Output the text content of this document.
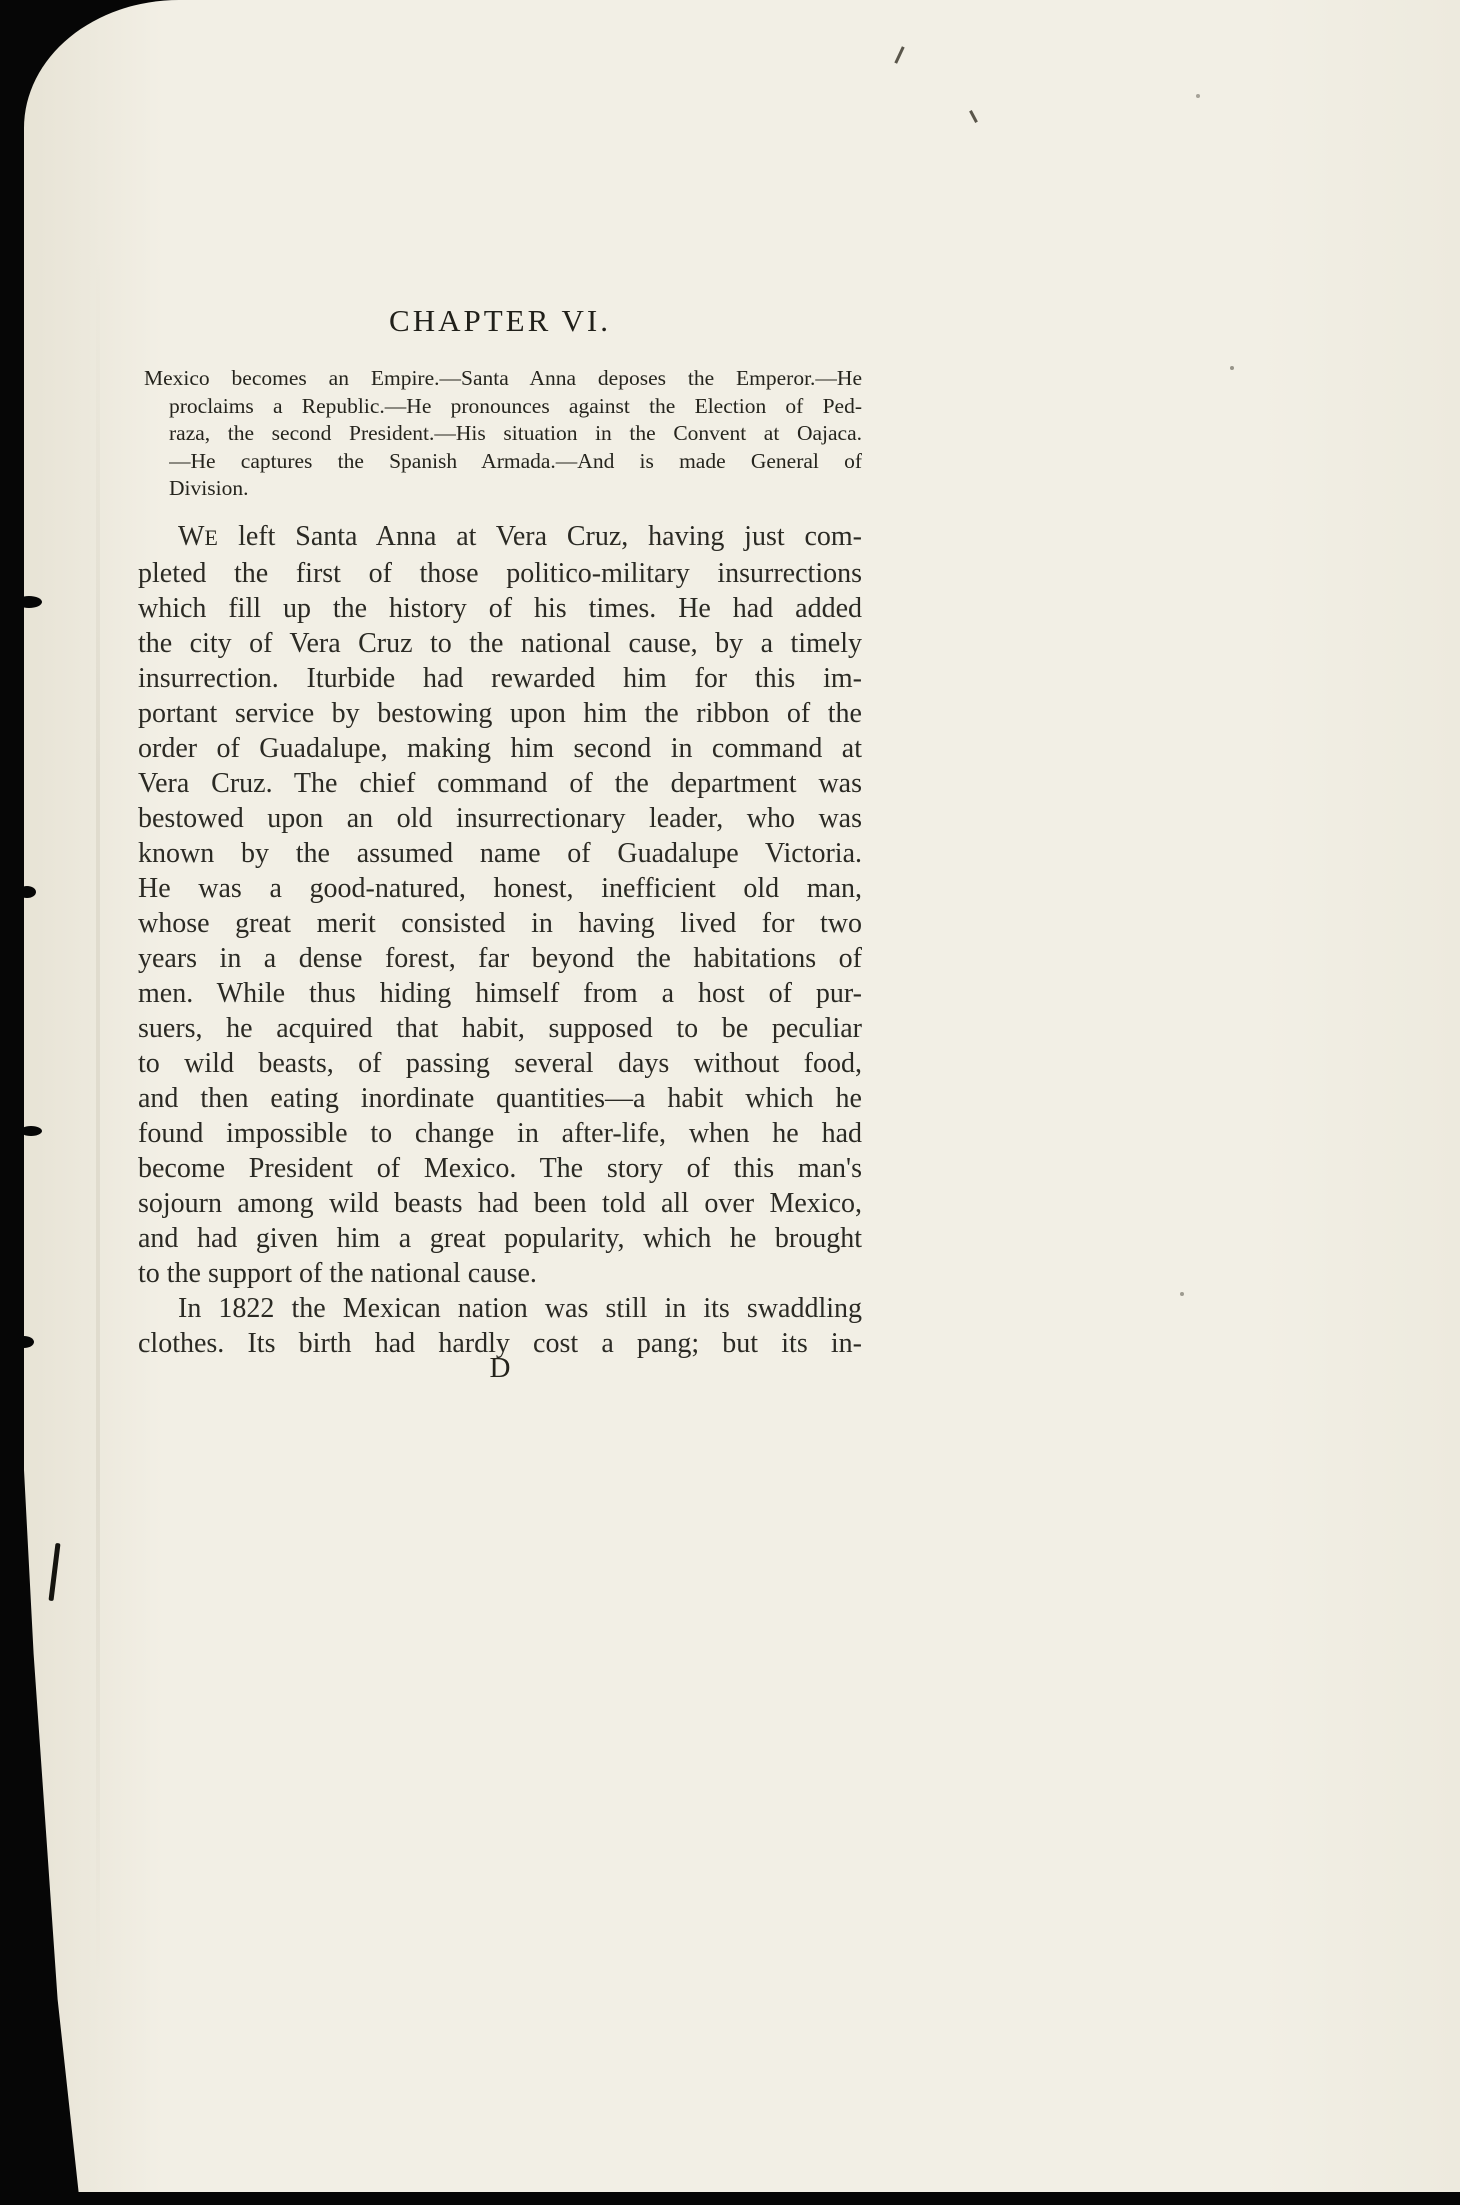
CHAPTER VI.
Mexico becomes an Empire.—Santa Anna deposes the Emperor.—He
proclaims a Republic.—He pronounces against the Election of Ped-
raza, the second President.—His situation in the Convent at Oajaca.
—He captures the Spanish Armada.—And is made General of
Division.
WE left Santa Anna at Vera Cruz, having just com-
pleted the first of those politico-military insurrections
which fill up the history of his times. He had added
the city of Vera Cruz to the national cause, by a timely
insurrection. Iturbide had rewarded him for this im-
portant service by bestowing upon him the ribbon of the
order of Guadalupe, making him second in command at
Vera Cruz. The chief command of the department was
bestowed upon an old insurrectionary leader, who was
known by the assumed name of Guadalupe Victoria.
He was a good-natured, honest, inefficient old man,
whose great merit consisted in having lived for two
years in a dense forest, far beyond the habitations of
men. While thus hiding himself from a host of pur-
suers, he acquired that habit, supposed to be peculiar
to wild beasts, of passing several days without food,
and then eating inordinate quantities—a habit which he
found impossible to change in after-life, when he had
become President of Mexico. The story of this man's
sojourn among wild beasts had been told all over Mexico,
and had given him a great popularity, which he brought
to the support of the national cause.
In 1822 the Mexican nation was still in its swaddling
clothes. Its birth had hardly cost a pang; but its in-
D
